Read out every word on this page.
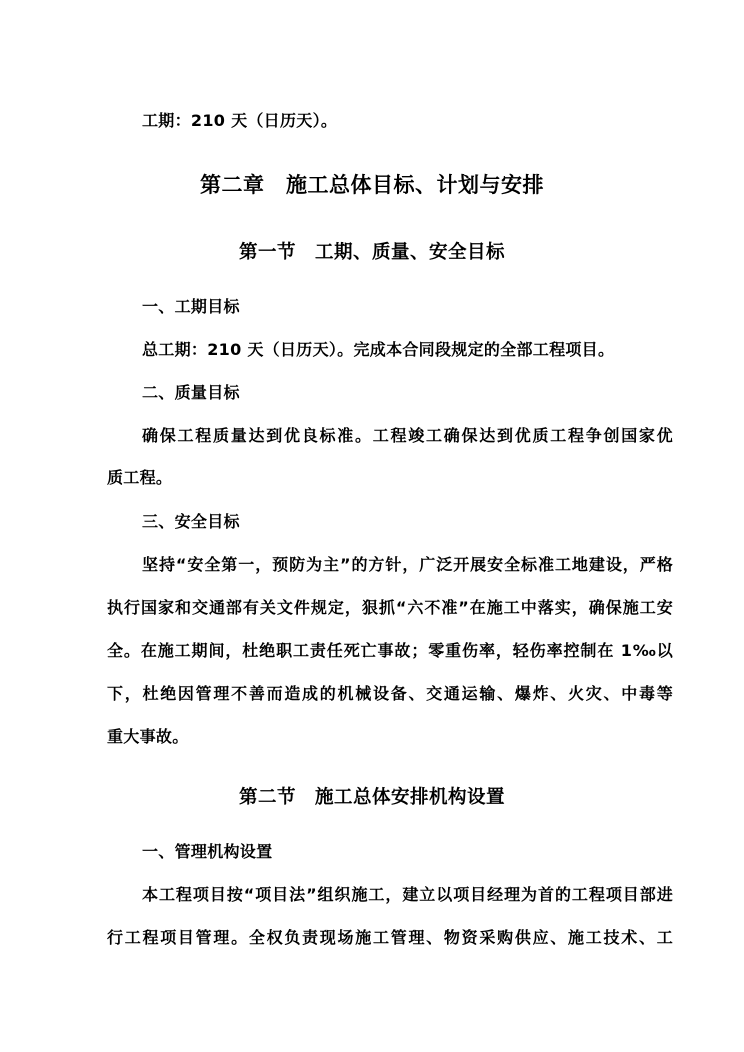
工期：210 天（日历天）。
第二章　施工总体目标、计划与安排
第一节　工期、质量、安全目标
一、工期目标
总工期：210 天（日历天）。完成本合同段规定的全部工程项目。
二、质量目标
确保工程质量达到优良标准。工程竣工确保达到优质工程争创国家优
质工程。
三、安全目标
坚持“安全第一，预防为主”的方针，广泛开展安全标准工地建设，严格
执行国家和交通部有关文件规定，狠抓“六不准”在施工中落实，确保施工安
全。在施工期间，杜绝职工责任死亡事故；零重伤率，轻伤率控制在 1‰以
下，杜绝因管理不善而造成的机械设备、交通运输、爆炸、火灾、中毒等
重大事故。
第二节　施工总体安排机构设置
一、管理机构设置
本工程项目按“项目法”组织施工，建立以项目经理为首的工程项目部进
行工程项目管理。全权负责现场施工管理、物资采购供应、施工技术、工
